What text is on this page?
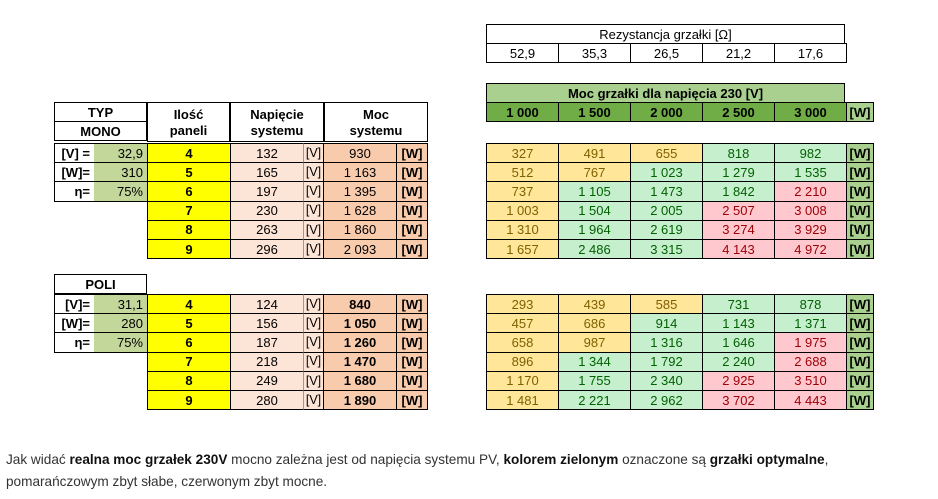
Rezystancja grzałki [Ω]
52,9	35,3	26,5	21,2	17,6
Moc grzałki dla napięcia 230 [V]
1 000	1 500	2 000	2 500	3 000	[W]
TYP
MONO
Ilość
paneli
Napięcie
systemu
Moc
systemu
POLI
[V] =	32,9	4	132	[V]	930	[W]	327	491	655	818	982	[W]
[W]=	310	5	165	[V]	1 163	[W]	512	767	1 023	1 279	1 535	[W]
η=	75%	6	197	[V]	1 395	[W]	737	1 105	1 473	1 842	2 210	[W]
7	230	[V]	1 628	[W]	1 003	1 504	2 005	2 507	3 008	[W]
8	263	[V]	1 860	[W]	1 310	1 964	2 619	3 274	3 929	[W]
9	296	[V]	2 093	[W]	1 657	2 486	3 315	4 143	4 972	[W]
[V]=	31,1	4	124	[V]	840	[W]	293	439	585	731	878	[W]
[W]=	280	5	156	[V]	1 050	[W]	457	686	914	1 143	1 371	[W]
η=	75%	6	187	[V]	1 260	[W]	658	987	1 316	1 646	1 975	[W]
7	218	[V]	1 470	[W]	896	1 344	1 792	2 240	2 688	[W]
8	249	[V]	1 680	[W]	1 170	1 755	2 340	2 925	3 510	[W]
9	280	[V]	1 890	[W]	1 481	2 221	2 962	3 702	4 443	[W]
Jak widać realna moc grzałek 230V mocno zależna jest od napięcia systemu PV, kolorem zielonym oznaczone są grzałki optymalne, pomarańczowym zbyt słabe, czerwonym zbyt mocne.
